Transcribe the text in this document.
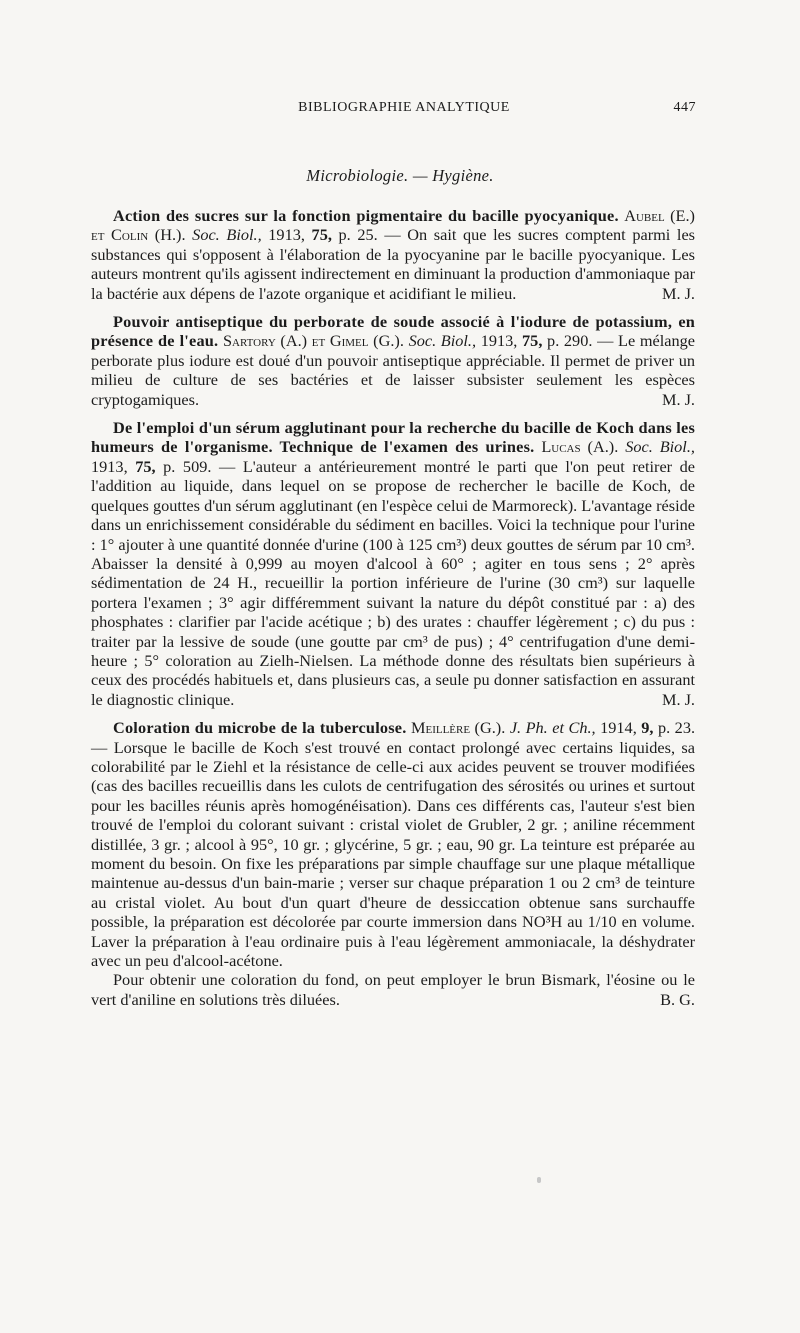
BIBLIOGRAPHIE ANALYTIQUE	447
Microbiologie. — Hygiène.

Action des sucres sur la fonction pigmentaire du bacille pyocyanique. Aubel (E.) et Colin (H.). Soc. Biol., 1913, 75, p. 25. — On sait que les sucres comptent parmi les substances qui s'opposent à l'élaboration de la pyocyanine par le bacille pyocyanique. Les auteurs montrent qu'ils agissent indirectement en diminuant la production d'ammoniaque par la bactérie aux dépens de l'azote organique et acidifiant le milieu.	M. J.

Pouvoir antiseptique du perborate de soude associé à l'iodure de potassium, en présence de l'eau. Sartory (A.) et Gimel (G.). Soc. Biol., 1913, 75, p. 290. — Le mélange perborate plus iodure est doué d'un pouvoir antiseptique appréciable. Il permet de priver un milieu de culture de ses bactéries et de laisser subsister seulement les espèces cryptogamiques.	M. J.

De l'emploi d'un sérum agglutinant pour la recherche du bacille de Koch dans les humeurs de l'organisme. Technique de l'examen des urines. Lucas (A.). Soc. Biol., 1913, 75, p. 509. — L'auteur a antérieurement montré le parti que l'on peut retirer de l'addition au liquide, dans lequel on se propose de rechercher le bacille de Koch, de quelques gouttes d'un sérum agglutinant (en l'espèce celui de Marmoreck). L'avantage réside dans un enrichissement considérable du sédiment en bacilles. Voici la technique pour l'urine : 1° ajouter à une quantité donnée d'urine (100 à 125 cm³) deux gouttes de sérum par 10 cm³. Abaisser la densité à 0,999 au moyen d'alcool à 60° ; agiter en tous sens ; 2° après sédimentation de 24 H., recueillir la portion inférieure de l'urine (30 cm³) sur laquelle portera l'examen ; 3° agir différemment suivant la nature du dépôt constitué par : a) des phosphates : clarifier par l'acide acétique ; b) des urates : chauffer légèrement ; c) du pus : traiter par la lessive de soude (une goutte par cm³ de pus) ; 4° centrifugation d'une demi-heure ; 5° coloration au Zielh-Nielsen. La méthode donne des résultats bien supérieurs à ceux des procédés habituels et, dans plusieurs cas, a seule pu donner satisfaction en assurant le diagnostic clinique.	M. J.

Coloration du microbe de la tuberculose. Meillère (G.). J. Ph. et Ch., 1914, 9, p. 23. — Lorsque le bacille de Koch s'est trouvé en contact prolongé avec certains liquides, sa colorabilité par le Ziehl et la résistance de celle-ci aux acides peuvent se trouver modifiées (cas des bacilles recueillis dans les culots de centrifugation des sérosités ou urines et surtout pour les bacilles réunis après homogénéisation). Dans ces différents cas, l'auteur s'est bien trouvé de l'emploi du colorant suivant : cristal violet de Grubler, 2 gr. ; aniline récemment distillée, 3 gr. ; alcool à 95°, 10 gr. ; glycérine, 5 gr. ; eau, 90 gr. La teinture est préparée au moment du besoin. On fixe les préparations par simple chauffage sur une plaque métallique maintenue au-dessus d'un bain-marie ; verser sur chaque préparation 1 ou 2 cm³ de teinture au cristal violet. Au bout d'un quart d'heure de dessiccation obtenue sans surchauffe possible, la préparation est décolorée par courte immersion dans NO³H au 1/10 en volume. Laver la préparation à l'eau ordinaire puis à l'eau légèrement ammoniacale, la déshydrater avec un peu d'alcool-acétone.

Pour obtenir une coloration du fond, on peut employer le brun Bismark, l'éosine ou le vert d'aniline en solutions très diluées.	B. G.
